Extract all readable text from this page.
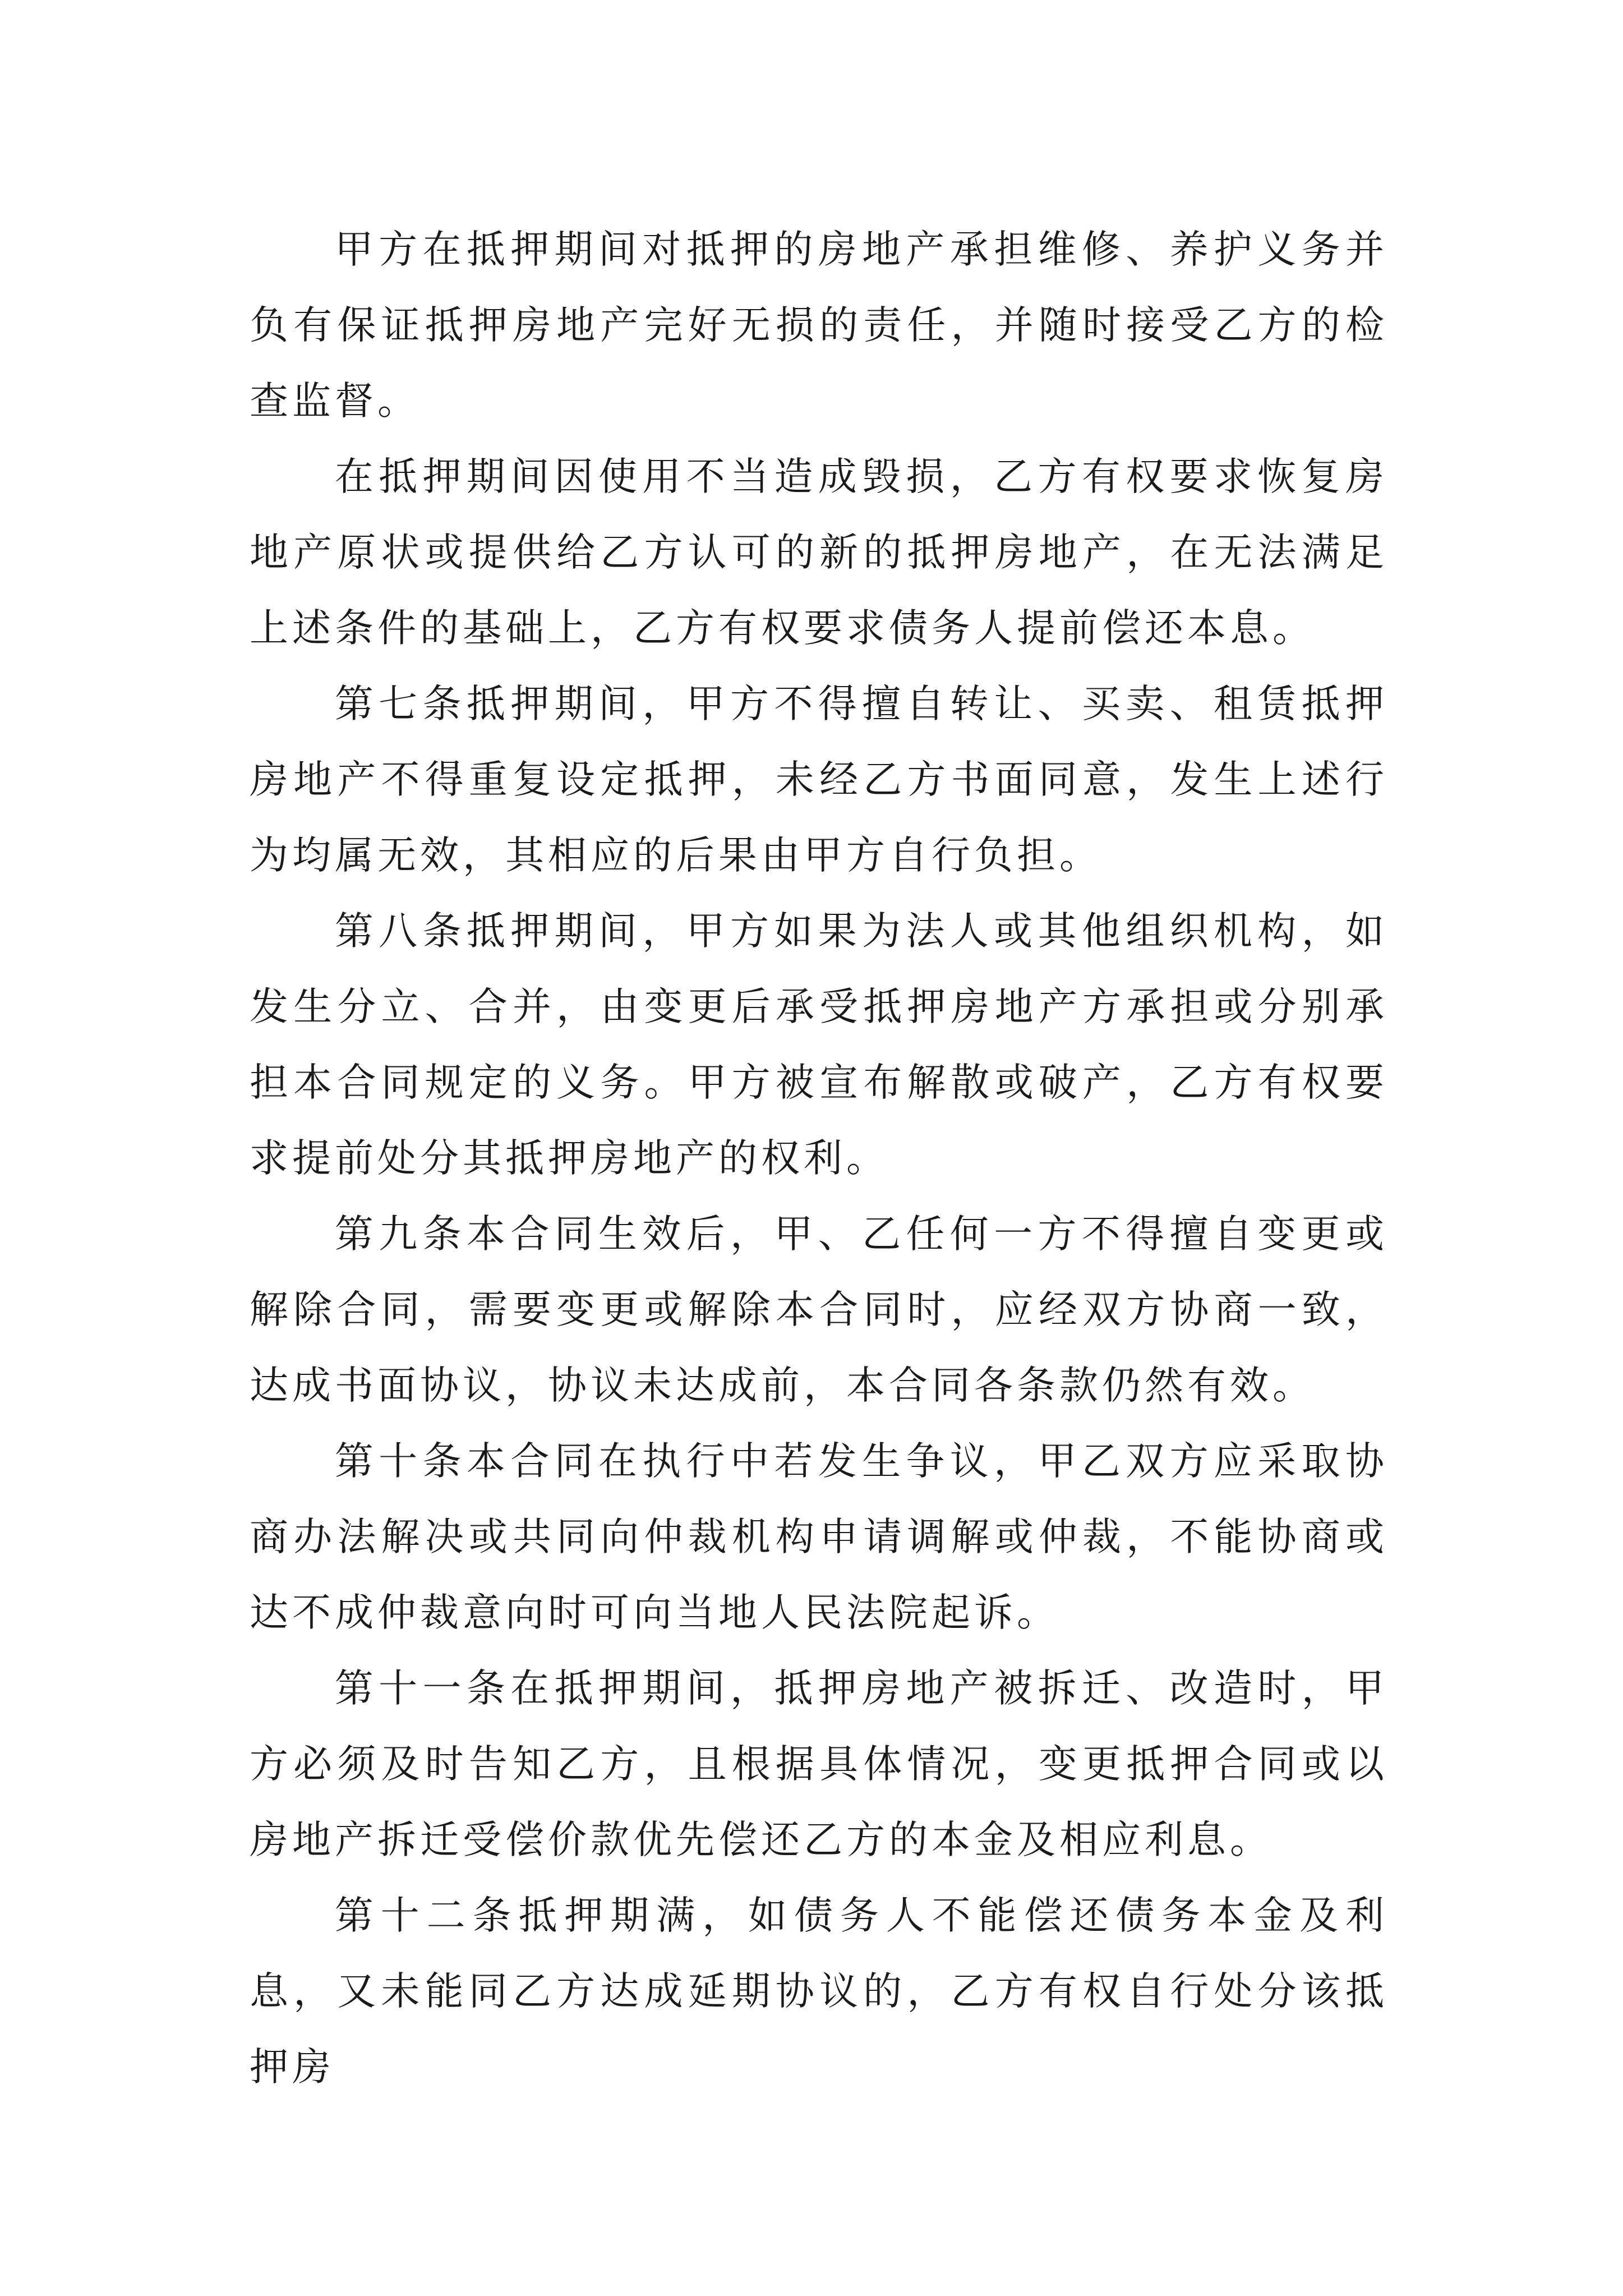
甲方在抵押期间对抵押的房地产承担维修、养护义务并负有保证抵押房地产完好无损的责任，并随时接受乙方的检查监督。

在抵押期间因使用不当造成毁损，乙方有权要求恢复房地产原状或提供给乙方认可的新的抵押房地产，在无法满足上述条件的基础上，乙方有权要求债务人提前偿还本息。

第七条抵押期间，甲方不得擅自转让、买卖、租赁抵押房地产不得重复设定抵押，未经乙方书面同意，发生上述行为均属无效，其相应的后果由甲方自行负担。

第八条抵押期间，甲方如果为法人或其他组织机构，如发生分立、合并，由变更后承受抵押房地产方承担或分别承担本合同规定的义务。甲方被宣布解散或破产，乙方有权要求提前处分其抵押房地产的权利。

第九条本合同生效后，甲、乙任何一方不得擅自变更或解除合同，需要变更或解除本合同时，应经双方协商一致，达成书面协议，协议未达成前，本合同各条款仍然有效。

第十条本合同在执行中若发生争议，甲乙双方应采取协商办法解决或共同向仲裁机构申请调解或仲裁，不能协商或达不成仲裁意向时可向当地人民法院起诉。

第十一条在抵押期间，抵押房地产被拆迁、改造时，甲方必须及时告知乙方，且根据具体情况，变更抵押合同或以房地产拆迁受偿价款优先偿还乙方的本金及相应利息。

第十二条抵押期满，如债务人不能偿还债务本金及利息，又未能同乙方达成延期协议的，乙方有权自行处分该抵押房
